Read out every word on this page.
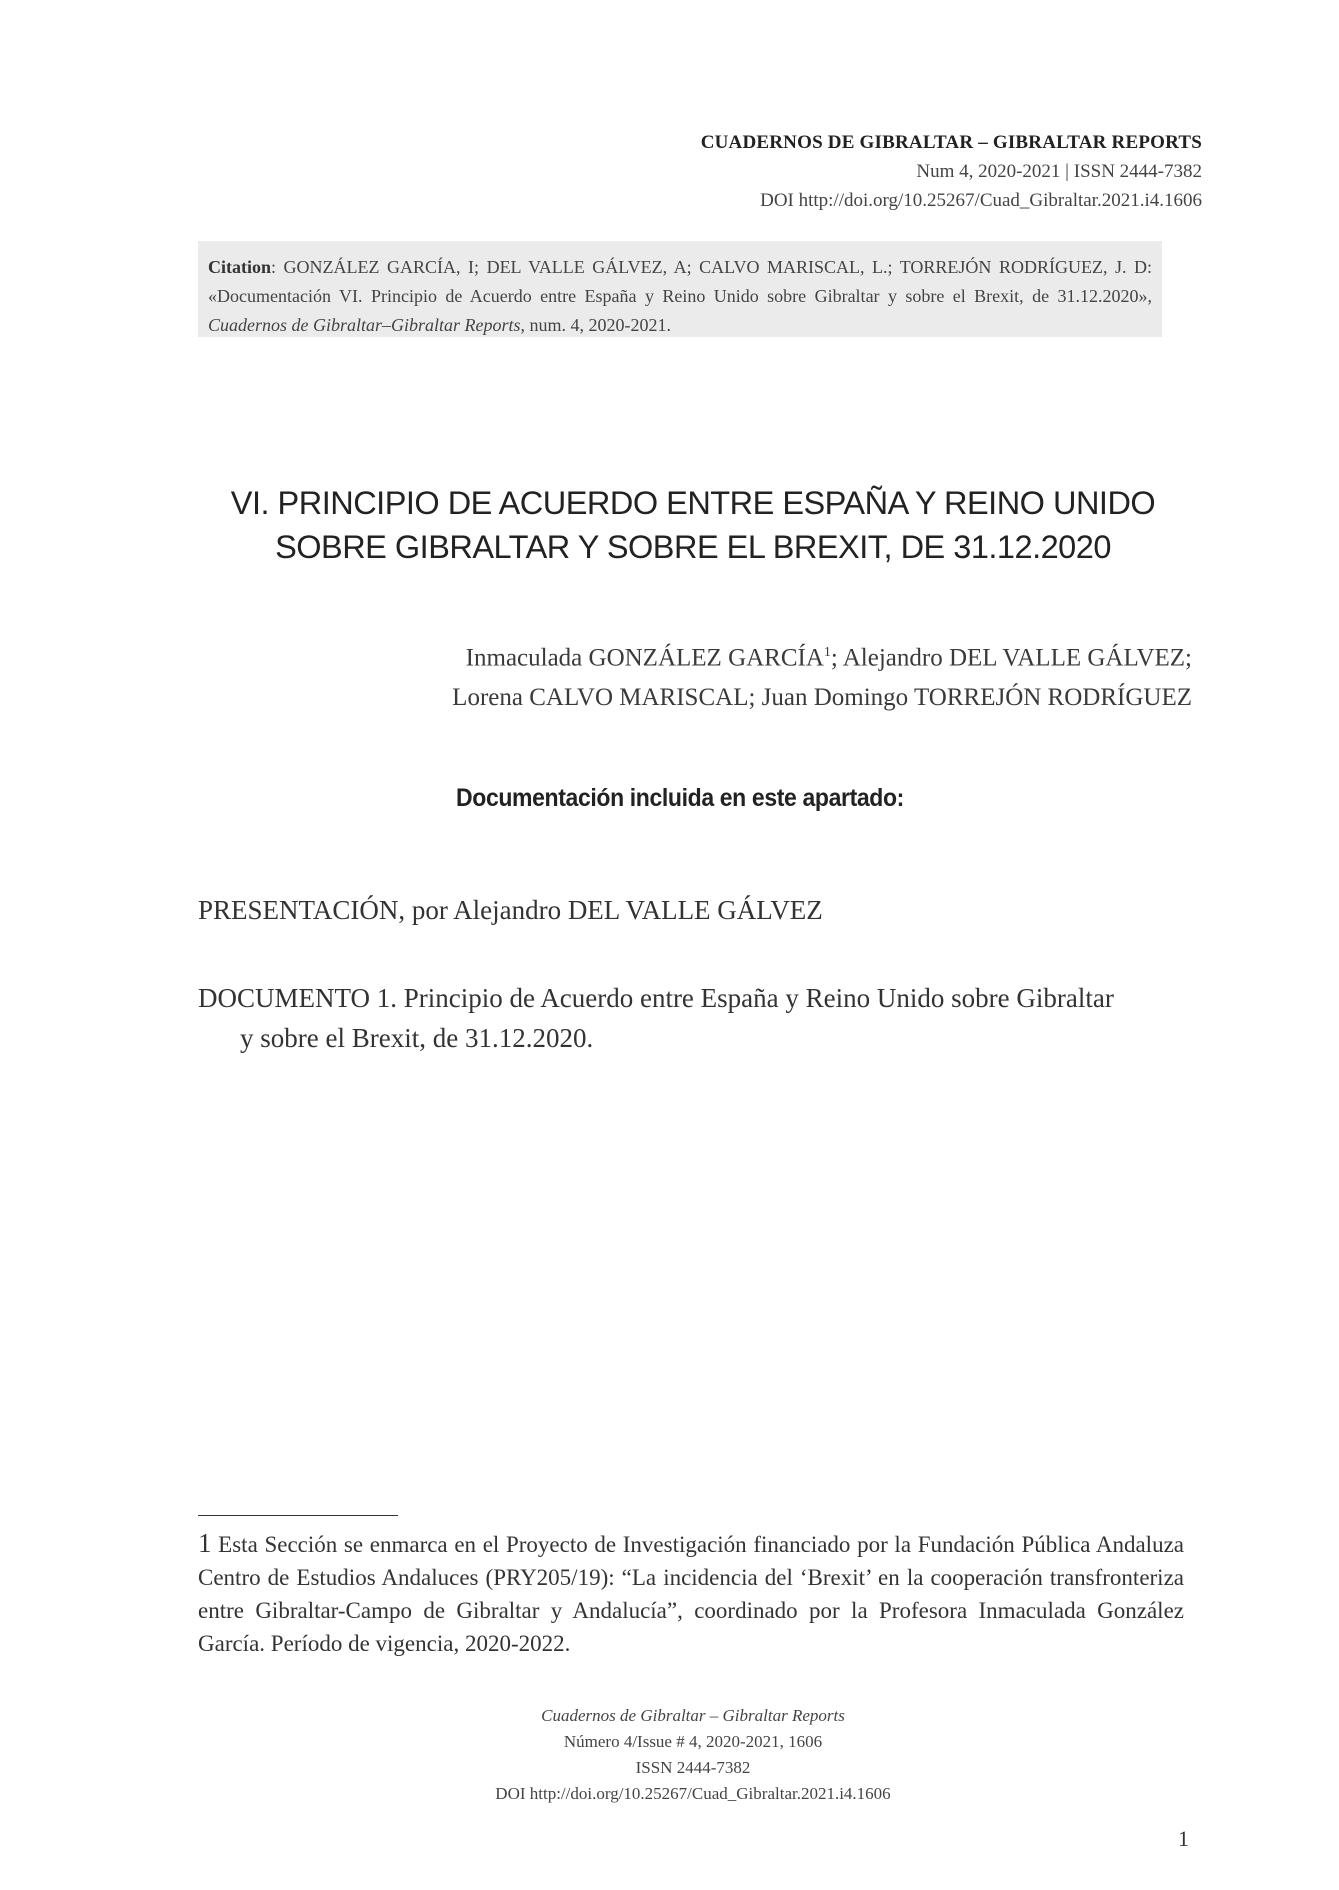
CUADERNOS DE GIBRALTAR – GIBRALTAR REPORTS
Num 4, 2020-2021 | ISSN 2444-7382
DOI http://doi.org/10.25267/Cuad_Gibraltar.2021.i4.1606
Citation: GONZÁLEZ GARCÍA, I; DEL VALLE GÁLVEZ, A; CALVO MARISCAL, L.; TORREJÓN RODRÍGUEZ, J. D: «Documentación VI. Principio de Acuerdo entre España y Reino Unido sobre Gibraltar y sobre el Brexit, de 31.12.2020», Cuadernos de Gibraltar–Gibraltar Reports, num. 4, 2020-2021.
VI. PRINCIPIO DE ACUERDO ENTRE ESPAÑA Y REINO UNIDO
SOBRE GIBRALTAR Y SOBRE EL BREXIT, DE 31.12.2020
Inmaculada GONZÁLEZ GARCÍA$^1$; Alejandro DEL VALLE GÁLVEZ;
Lorena CALVO MARISCAL; Juan Domingo TORREJÓN RODRÍGUEZ
Documentación incluida en este apartado:
PRESENTACIÓN, por Alejandro DEL VALLE GÁLVEZ
DOCUMENTO 1. Principio de Acuerdo entre España y Reino Unido sobre Gibraltar
y sobre el Brexit, de 31.12.2020.
1 Esta Sección se enmarca en el Proyecto de Investigación financiado por la Fundación Pública Andaluza Centro de Estudios Andaluces (PRY205/19): “La incidencia del ‘Brexit’ en la cooperación transfronteriza entre Gibraltar-Campo de Gibraltar y Andalucía”, coordinado por la Profesora Inmaculada González García. Período de vigencia, 2020-2022.
Cuadernos de Gibraltar – Gibraltar Reports
Número 4/Issue # 4, 2020-2021, 1606
ISSN 2444-7382
DOI http://doi.org/10.25267/Cuad_Gibraltar.2021.i4.1606
1
